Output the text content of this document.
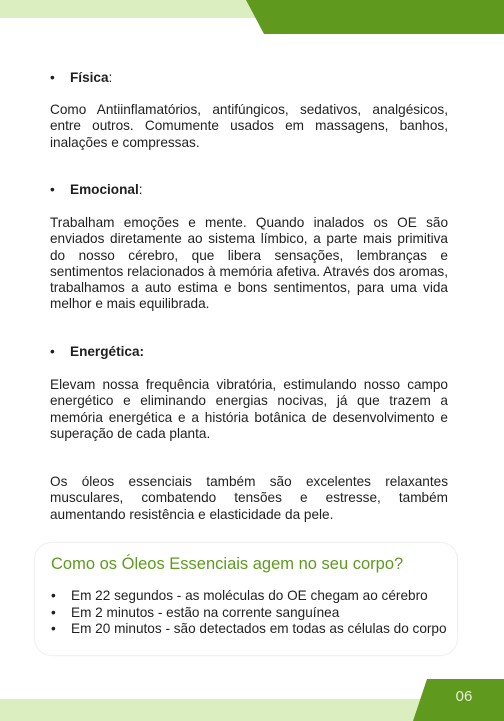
•	Física :

Como Antiinflamatórios, antifúngicos, sedativos, analgésicos, entre outros. Comumente usados em massagens, banhos, inalações e compressas.

•	Emocional :

Trabalham emoções e mente. Quando inalados os OE são enviados diretamente ao sistema límbico, a parte mais primitiva do nosso cérebro, que libera sensações, lembranças e sentimentos relacionados à memória afetiva. Através dos aromas, trabalhamos a auto estima e bons sentimentos, para uma vida melhor e mais equilibrada.

•	Energética:

Elevam nossa frequência vibratória, estimulando nosso campo energético e eliminando energias nocivas, já que trazem a memória energética e a história botânica de desenvolvimento e superação de cada planta.

Os óleos essenciais também são excelentes relaxantes musculares, combatendo tensões e estresse, também aumentando resistência e elasticidade da pele.

Como os Óleos Essenciais agem no seu corpo?
•	Em 22 segundos - as moléculas do OE chegam ao cérebro
•	Em 2 minutos - estão na corrente sanguínea
•	Em 20 minutos - são detectados em todas as células do corpo
06
